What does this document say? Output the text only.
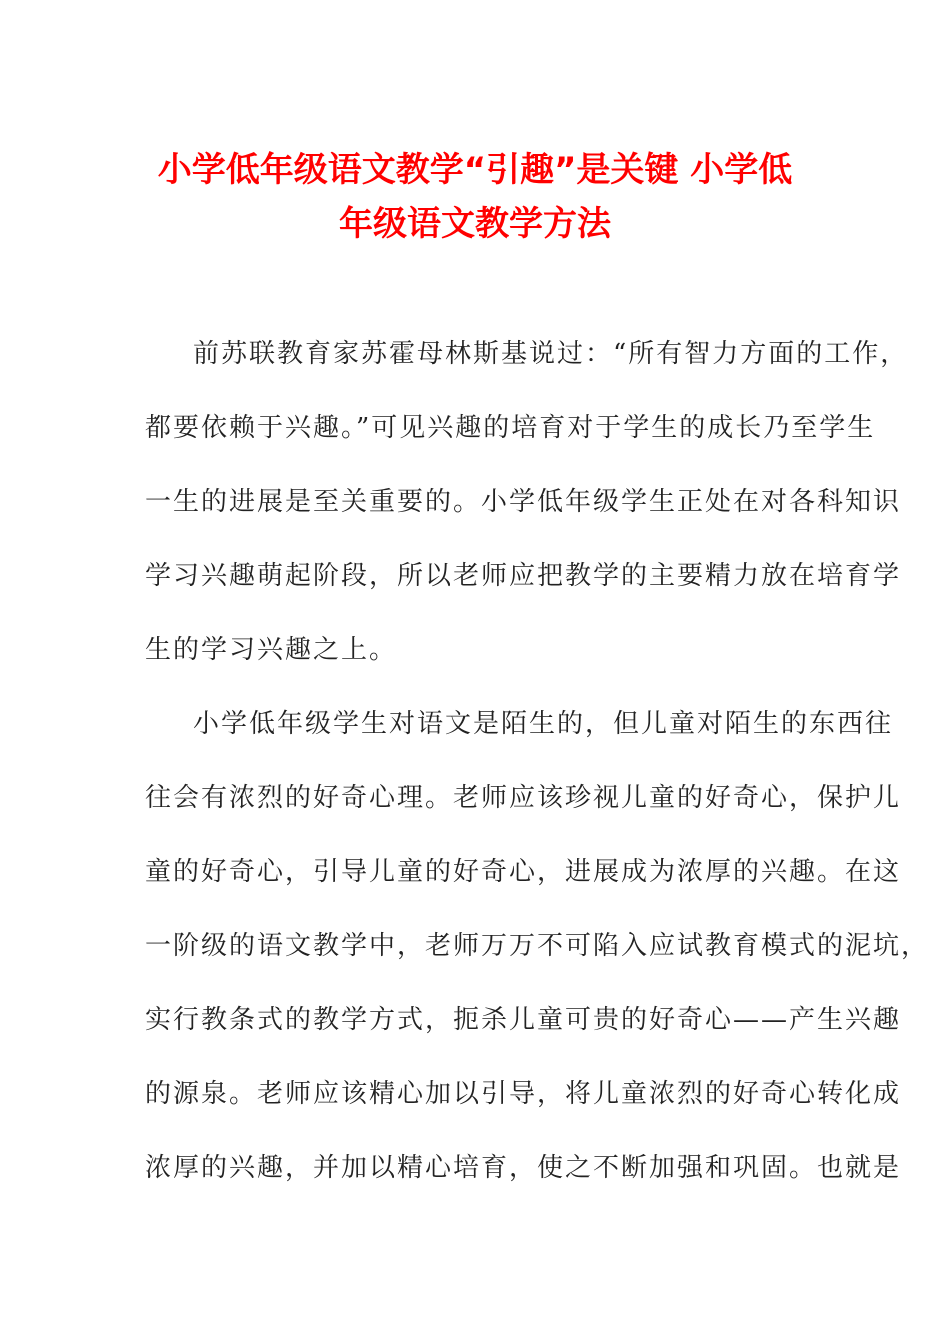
小学低年级语文教学“引趣”是关键 小学低
年级语文教学方法
前苏联教育家苏霍母林斯基说过：“所有智力方面的工作，
都要依赖于兴趣。”可见兴趣的培育对于学生的成长乃至学生
一生的进展是至关重要的。小学低年级学生正处在对各科知识
学习兴趣萌起阶段，所以老师应把教学的主要精力放在培育学
生的学习兴趣之上。
小学低年级学生对语文是陌生的，但儿童对陌生的东西往
往会有浓烈的好奇心理。老师应该珍视儿童的好奇心，保护儿
童的好奇心，引导儿童的好奇心，进展成为浓厚的兴趣。在这
一阶级的语文教学中，老师万万不可陷入应试教育模式的泥坑，
实行教条式的教学方式，扼杀儿童可贵的好奇心——产生兴趣
的源泉。老师应该精心加以引导，将儿童浓烈的好奇心转化成
浓厚的兴趣，并加以精心培育，使之不断加强和巩固。也就是
